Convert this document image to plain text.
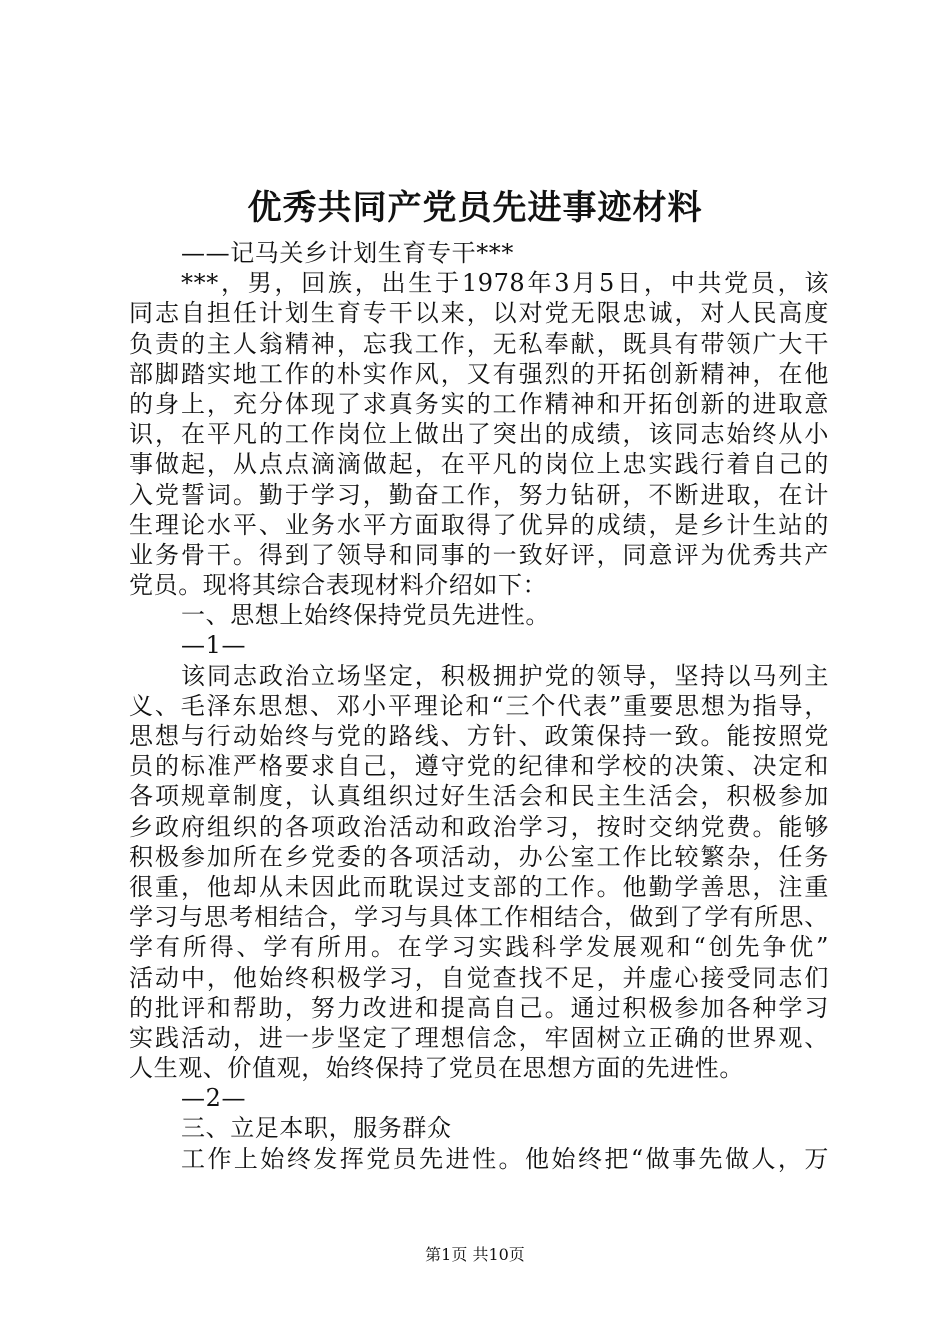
优秀共同产党员先进事迹材料
——记马关乡计划生育专干***
***，男，回族，出生于1978年3月5日，中共党员，该
同志自担任计划生育专干以来，以对党无限忠诚，对人民高度
负责的主人翁精神，忘我工作，无私奉献，既具有带领广大干
部脚踏实地工作的朴实作风，又有强烈的开拓创新精神，在他
的身上，充分体现了求真务实的工作精神和开拓创新的进取意
识，在平凡的工作岗位上做出了突出的成绩，该同志始终从小
事做起，从点点滴滴做起，在平凡的岗位上忠实践行着自己的
入党誓词。勤于学习，勤奋工作，努力钻研，不断进取，在计
生理论水平、业务水平方面取得了优异的成绩，是乡计生站的
业务骨干。得到了领导和同事的一致好评，同意评为优秀共产
党员。现将其综合表现材料介绍如下：
一、思想上始终保持党员先进性。
—1—
该同志政治立场坚定，积极拥护党的领导，坚持以马列主
义、毛泽东思想、邓小平理论和“三个代表”重要思想为指导，
思想与行动始终与党的路线、方针、政策保持一致。能按照党
员的标准严格要求自己，遵守党的纪律和学校的决策、决定和
各项规章制度，认真组织过好生活会和民主生活会，积极参加
乡政府组织的各项政治活动和政治学习，按时交纳党费。能够
积极参加所在乡党委的各项活动，办公室工作比较繁杂，任务
很重，他却从未因此而耽误过支部的工作。他勤学善思，注重
学习与思考相结合，学习与具体工作相结合，做到了学有所思、
学有所得、学有所用。在学习实践科学发展观和“创先争优”
活动中，他始终积极学习，自觉查找不足，并虚心接受同志们
的批评和帮助，努力改进和提高自己。通过积极参加各种学习
实践活动，进一步坚定了理想信念，牢固树立正确的世界观、
人生观、价值观，始终保持了党员在思想方面的先进性。
—2—
三、立足本职，服务群众
工作上始终发挥党员先进性。他始终把“做事先做人，万
第1页 共10页
